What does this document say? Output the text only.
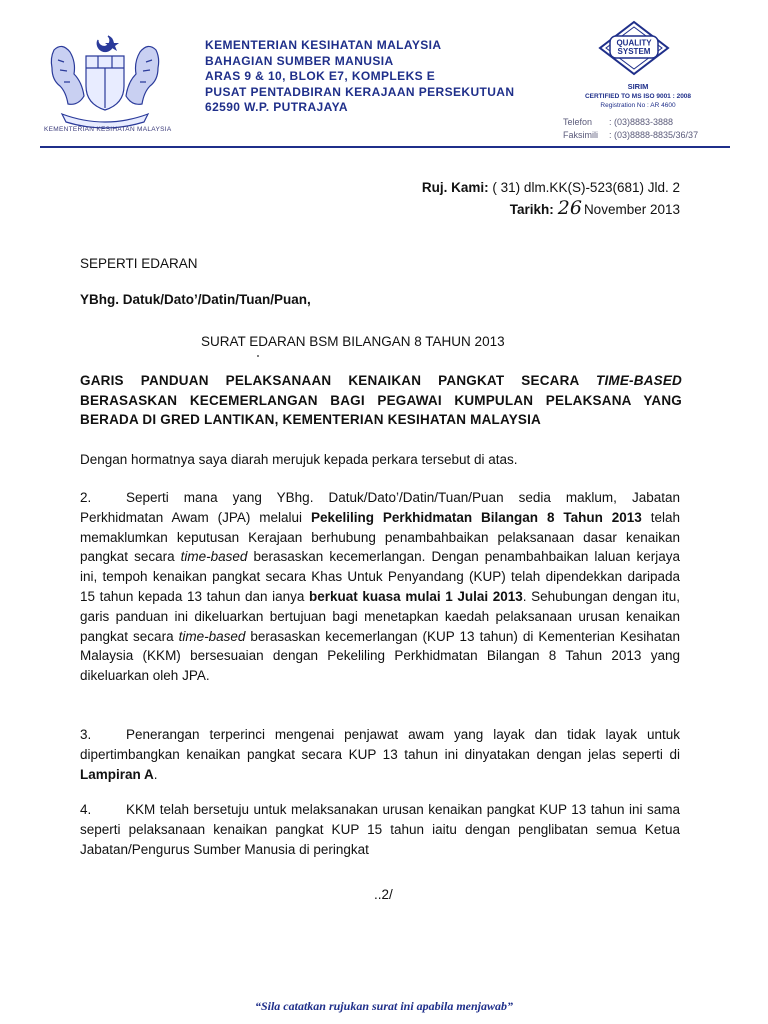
KEMENTERIAN KESIHATAN MALAYSIA
KEMENTERIAN KESIHATAN MALAYSIA
BAHAGIAN SUMBER MANUSIA
ARAS 9 & 10, BLOK E7, KOMPLEKS E
PUSAT PENTADBIRAN KERAJAAN PERSEKUTUAN
62590 W.P. PUTRAJAYA
QUALITY
SYSTEM
SIRIM
CERTIFIED TO MS ISO 9001 : 2008
Registration No : AR 4600
Telefon : (03)8883-3888
Faksimili : (03)8888-8835/36/37
Ruj. Kami: ( 31) dlm.KK(S)-523(681) Jld. 2
Tarikh: 26 November 2013
SEPERTI EDARAN
YBhg. Datuk/Dato’/Datin/Tuan/Puan,
SURAT EDARAN BSM BILANGAN 8 TAHUN 2013
GARIS PANDUAN PELAKSANAAN KENAIKAN PANGKAT SECARA TIME-BASED BERASASKAN KECEMERLANGAN BAGI PEGAWAI KUMPULAN PELAKSANA YANG BERADA DI GRED LANTIKAN, KEMENTERIAN KESIHATAN MALAYSIA
Dengan hormatnya saya diarah merujuk kepada perkara tersebut di atas.
2.	Seperti mana yang YBhg. Datuk/Dato’/Datin/Tuan/Puan sedia maklum, Jabatan Perkhidmatan Awam (JPA) melalui Pekeliling Perkhidmatan Bilangan 8 Tahun 2013 telah memaklumkan keputusan Kerajaan berhubung penambahbaikan pelaksanaan dasar kenaikan pangkat secara time-based berasaskan kecemerlangan. Dengan penambahbaikan laluan kerjaya ini, tempoh kenaikan pangkat secara Khas Untuk Penyandang (KUP) telah dipendekkan daripada 15 tahun kepada 13 tahun dan ianya berkuat kuasa mulai 1 Julai 2013. Sehubungan dengan itu, garis panduan ini dikeluarkan bertujuan bagi menetapkan kaedah pelaksanaan urusan kenaikan pangkat secara time-based berasaskan kecemerlangan (KUP 13 tahun) di Kementerian Kesihatan Malaysia (KKM) bersesuaian dengan Pekeliling Perkhidmatan Bilangan 8 Tahun 2013 yang dikeluarkan oleh JPA.
3.	Penerangan terperinci mengenai penjawat awam yang layak dan tidak layak untuk dipertimbangkan kenaikan pangkat secara KUP 13 tahun ini dinyatakan dengan jelas seperti di Lampiran A.
4.	KKM telah bersetuju untuk melaksanakan urusan kenaikan pangkat KUP 13 tahun ini sama seperti pelaksanaan kenaikan pangkat KUP 15 tahun iaitu dengan penglibatan semua Ketua Jabatan/Pengurus Sumber Manusia di peringkat
..2/
“Sila catatkan rujukan surat ini apabila menjawab”
